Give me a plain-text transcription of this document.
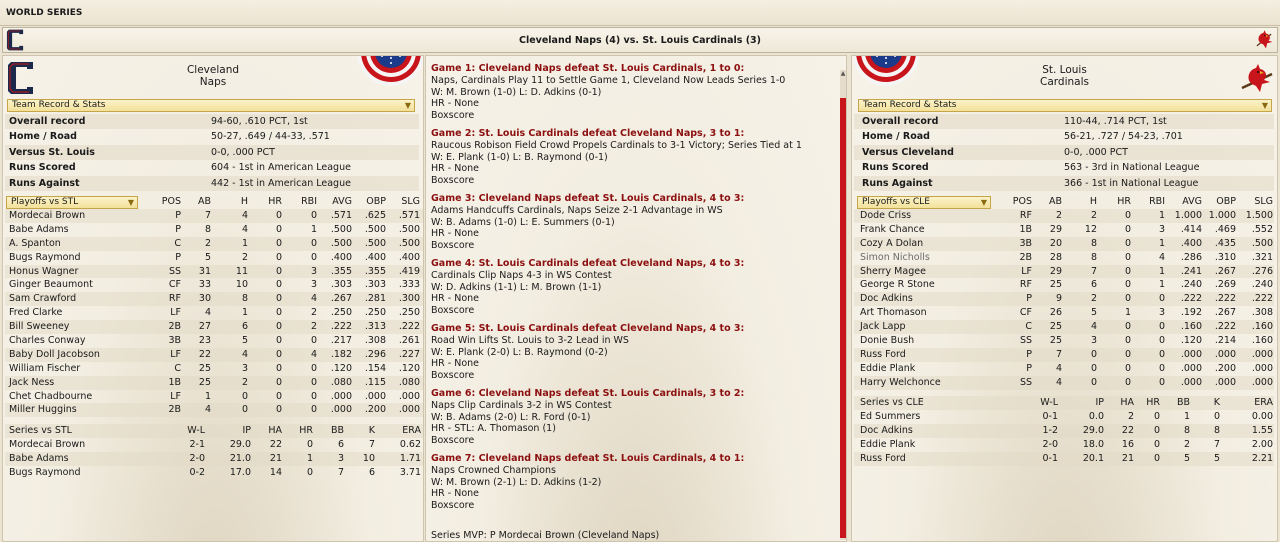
WORLD SERIES
Cleveland Naps (4) vs. St. Louis Cardinals (3)
Cleveland
Naps
Team Record & Stats	▼
Overall record	94-60, .610 PCT, 1st
Home / Road	50-27, .649 / 44-33, .571
Versus St. Louis	0-0, .000 PCT
Runs Scored	604 - 1st in American League
Runs Against	442 - 1st in American League
Playoffs vs STL	▼	POS	AB	H	HR	RBI	AVG	OBP	SLG
Mordecai Brown	P	7	4	0	0	.571	.625	.571
Babe Adams	P	8	4	0	1	.500	.500	.500
A. Spanton	C	2	1	0	0	.500	.500	.500
Bugs Raymond	P	5	2	0	0	.400	.400	.400
Honus Wagner	SS	31	11	0	3	.355	.355	.419
Ginger Beaumont	CF	33	10	0	3	.303	.303	.333
Sam Crawford	RF	30	8	0	4	.267	.281	.300
Fred Clarke	LF	4	1	0	2	.250	.250	.250
Bill Sweeney	2B	27	6	0	2	.222	.313	.222
Charles Conway	3B	23	5	0	0	.217	.308	.261
Baby Doll Jacobson	LF	22	4	0	4	.182	.296	.227
William Fischer	C	25	3	0	0	.120	.154	.120
Jack Ness	1B	25	2	0	0	.080	.115	.080
Chet Chadbourne	LF	1	0	0	0	.000	.000	.000
Miller Huggins	2B	4	0	0	0	.000	.200	.000
Series vs STL	W-L	IP	HA	HR	BB	K	ERA
Mordecai Brown	2-1	29.0	22	0	6	7	0.62
Babe Adams	2-0	21.0	21	1	3	10	1.71
Bugs Raymond	0-2	17.0	14	0	7	6	3.71
Game 1: Cleveland Naps defeat St. Louis Cardinals, 1 to 0:
Naps, Cardinals Play 11 to Settle Game 1, Cleveland Now Leads Series 1-0
W: M. Brown (1-0) L: D. Adkins (0-1)
HR - None
Boxscore
Game 2: St. Louis Cardinals defeat Cleveland Naps, 3 to 1:
Raucous Robison Field Crowd Propels Cardinals to 3-1 Victory; Series Tied at 1
W: E. Plank (1-0) L: B. Raymond (0-1)
HR - None
Boxscore
Game 3: Cleveland Naps defeat St. Louis Cardinals, 4 to 3:
Adams Handcuffs Cardinals, Naps Seize 2-1 Advantage in WS
W: B. Adams (1-0) L: E. Summers (0-1)
HR - None
Boxscore
Game 4: St. Louis Cardinals defeat Cleveland Naps, 4 to 3:
Cardinals Clip Naps 4-3 in WS Contest
W: D. Adkins (1-1) L: M. Brown (1-1)
HR - None
Boxscore
Game 5: St. Louis Cardinals defeat Cleveland Naps, 4 to 3:
Road Win Lifts St. Louis to 3-2 Lead in WS
W: E. Plank (2-0) L: B. Raymond (0-2)
HR - None
Boxscore
Game 6: Cleveland Naps defeat St. Louis Cardinals, 3 to 2:
Naps Clip Cardinals 3-2 in WS Contest
W: B. Adams (2-0) L: R. Ford (0-1)
HR - STL: A. Thomason (1)
Boxscore
Game 7: Cleveland Naps defeat St. Louis Cardinals, 4 to 1:
Naps Crowned Champions
W: M. Brown (2-1) L: D. Adkins (1-2)
HR - None
Boxscore
Series MVP: P Mordecai Brown (Cleveland Naps)
▲	St. Louis
Cardinals
Team Record & Stats	▼
Overall record	110-44, .714 PCT, 1st
Home / Road	56-21, .727 / 54-23, .701
Versus Cleveland	0-0, .000 PCT
Runs Scored	563 - 3rd in National League
Runs Against	366 - 1st in National League
Playoffs vs CLE	▼	POS	AB	H	HR	RBI	AVG	OBP	SLG
Dode Criss	RF	2	2	0	1 1.000 1.000 1.500
Frank Chance	1B	29	12	0	3	.414	.469	.552
Cozy A Dolan	3B	20	8	0	1	.400	.435	.500
Simon Nicholls	2B	28	8	0	4	.286	.310	.321
Sherry Magee	LF	29	7	0	1	.241	.267	.276
George R Stone	RF	25	6	0	1	.240	.269	.240
Doc Adkins	P	9	2	0	0	.222	.222	.222
Art Thomason	CF	26	5	1	3	.192	.267	.308
Jack Lapp	C	25	4	0	0	.160	.222	.160
Donie Bush	SS	25	3	0	0	.120	.214	.160
Russ Ford	P	7	0	0	0	.000	.000	.000
Eddie Plank	P	4	0	0	0	.000	.200	.000
Harry Welchonce	SS	4	0	0	0	.000	.000	.000
Series vs CLE	W-L	IP	HA	HR	BB	K	ERA
Ed Summers	0-1	0.0	2	0	1	0	0.00
Doc Adkins	1-2	29.0	22	0	8	8	1.55
Eddie Plank	2-0	18.0	16	0	2	7	2.00
Russ Ford	0-1	20.1	21	0	5	5	2.21
